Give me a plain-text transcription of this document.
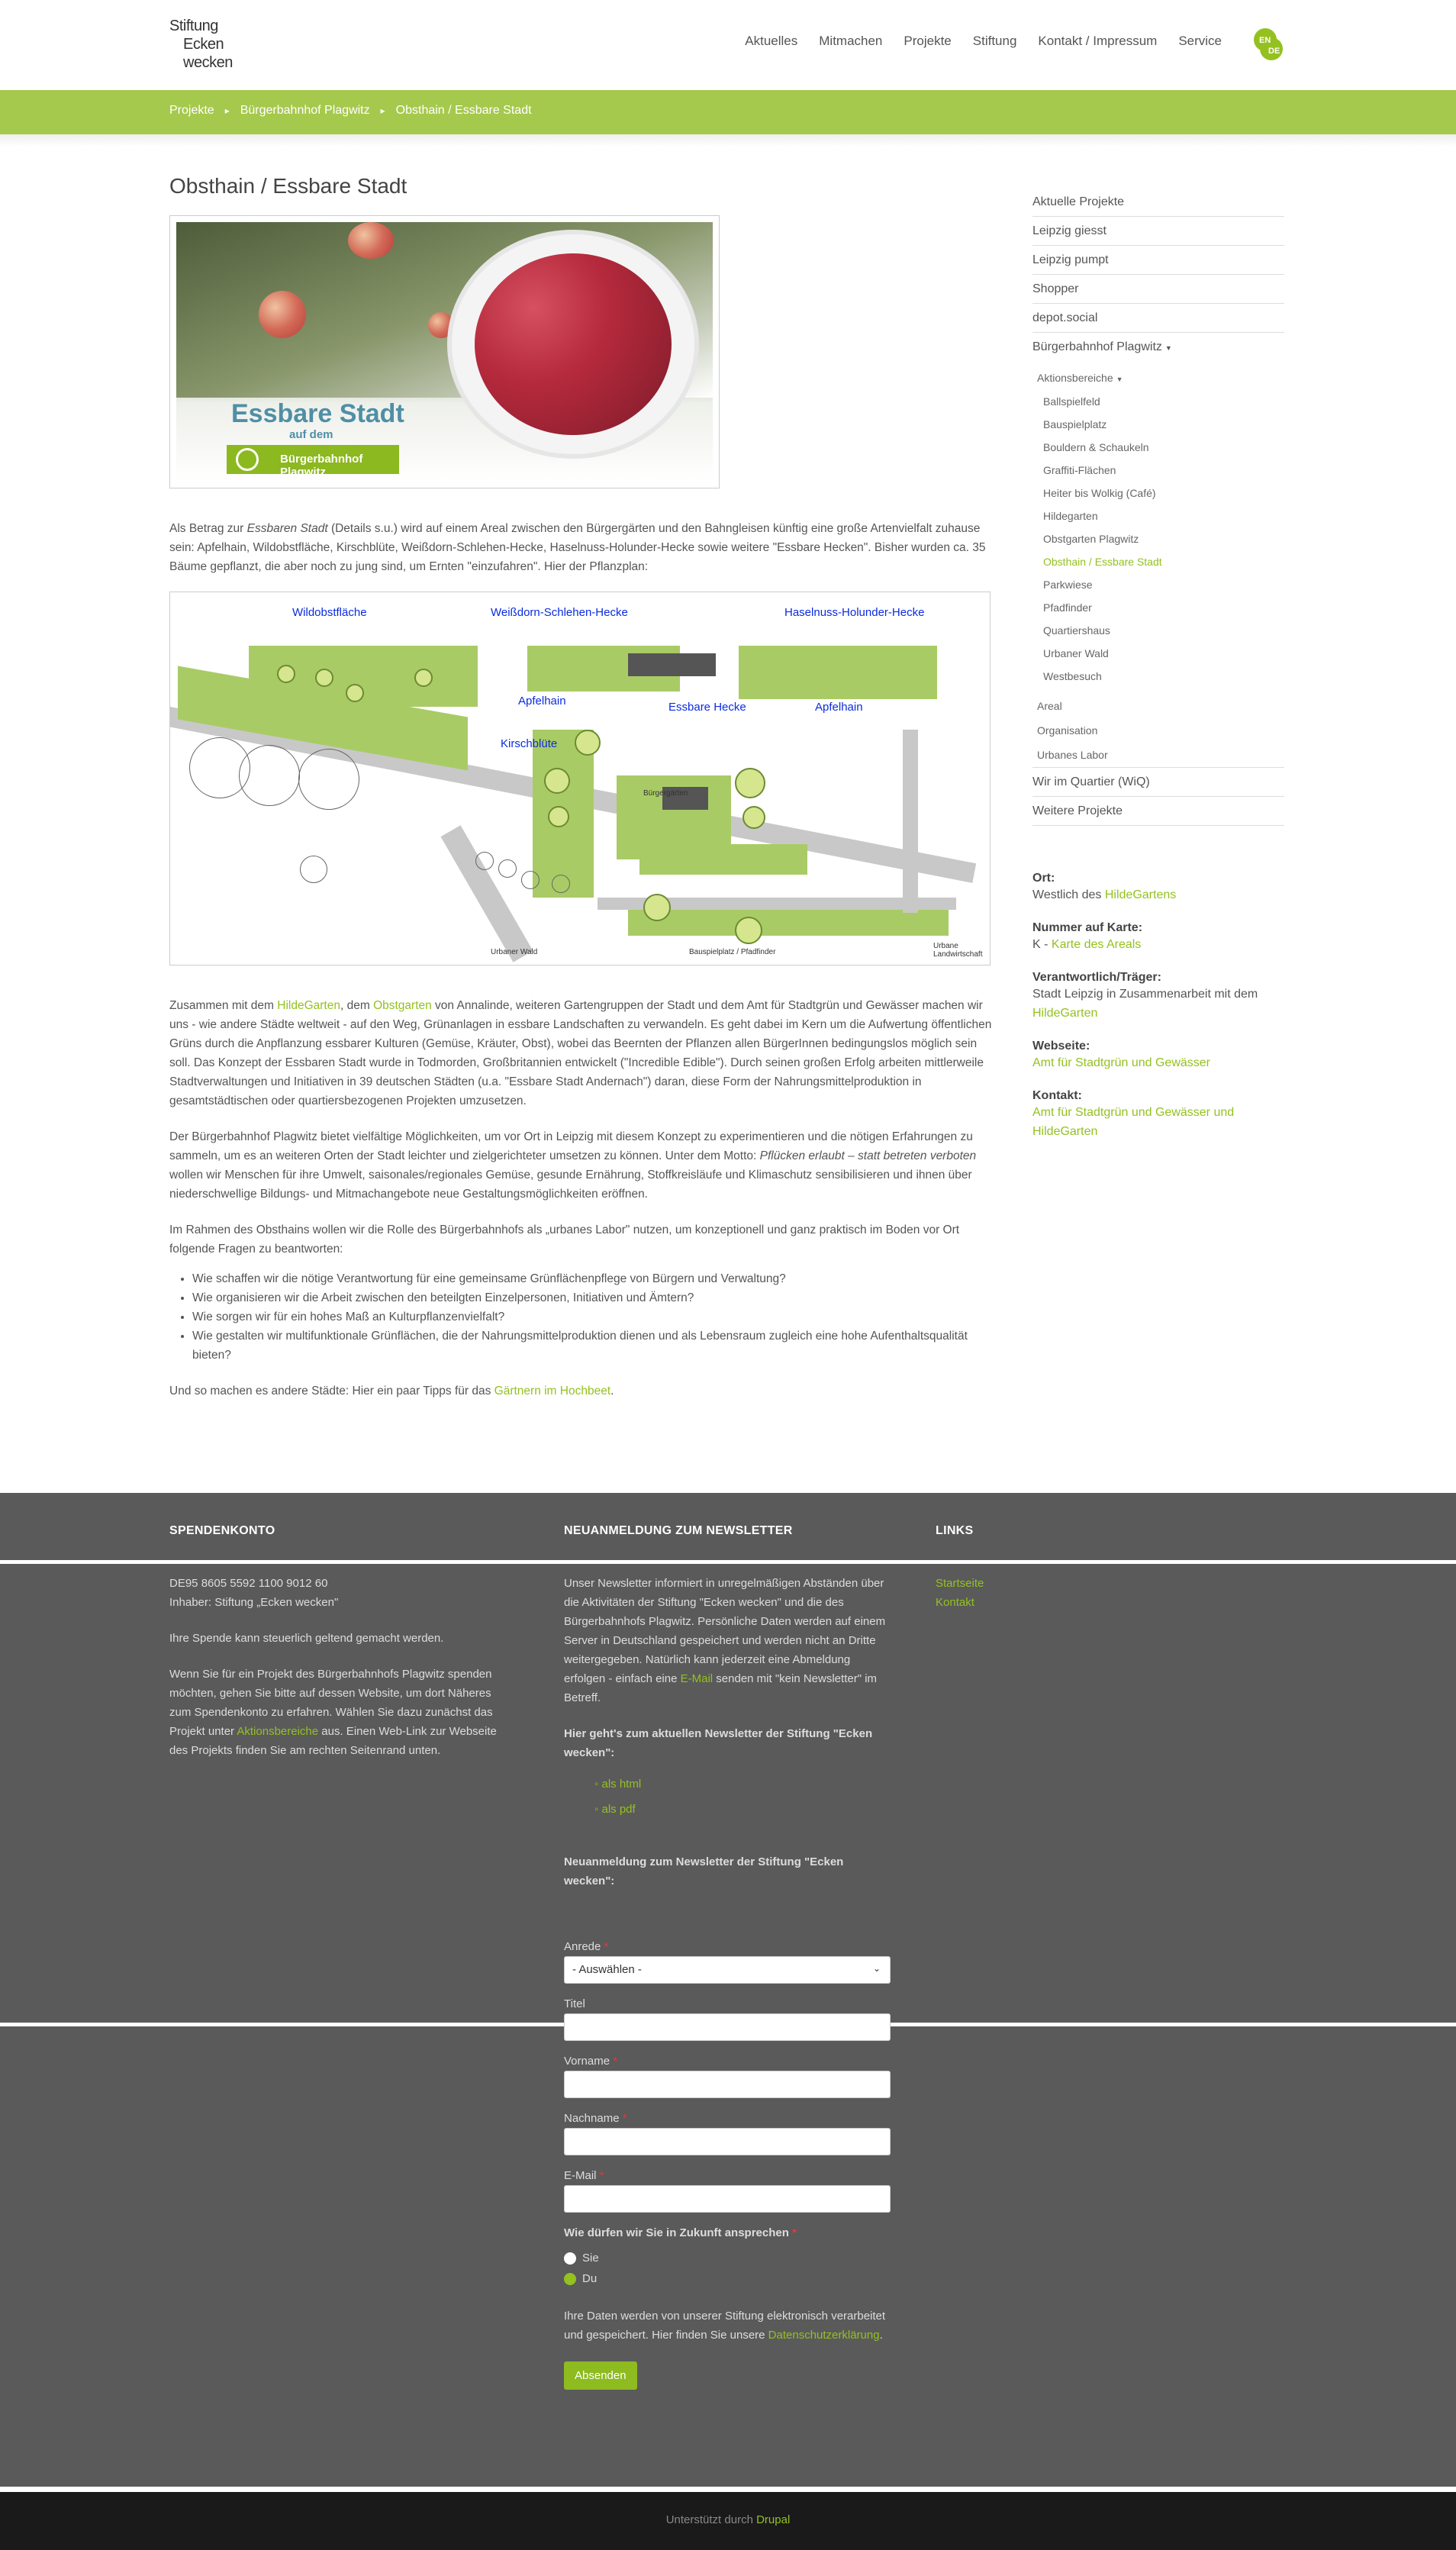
Stiftung
Ecken
wecken
Aktuelles Mitmachen Projekte Stiftung Kontakt / Impressum Service	EN
DE
Projekte ▸ Bürgerbahnhof Plagwitz ▸ Obsthain / Essbare Stadt
Obsthain / Essbare Stadt
Essbare Stadt
auf dem
Bürgerbahnhof Plagwitz

Als Betrag zur Essbaren Stadt (Details s.u.) wird auf einem Areal zwischen den Bürgergärten und den Bahngleisen künftig eine große Artenvielfalt zuhause sein: Apfelhain, Wildobstfläche, Kirschblüte, Weißdorn-Schlehen-Hecke, Haselnuss-Holunder-Hecke sowie weitere "Essbare Hecken". Bisher wurden ca. 35 Bäume gepflanzt, die aber noch zu jung sind, um Ernten "einzufahren". Hier der Pflanzplan:

Wildobstfläche	Weißdorn-Schlehen-Hecke	Haselnuss-Holunder-Hecke
Apfelhain	Essbare Hecke	Apfelhain
Kirschblüte
Bürgergärten
Urbaner Wald	Bauspielplatz / Pfadfinder
Urbane Landwirtschaft

Zusammen mit dem HildeGarten, dem Obstgarten von Annalinde, weiteren Gartengruppen der Stadt und dem Amt für Stadtgrün und Gewässer machen wir uns - wie andere Städte weltweit - auf den Weg, Grünanlagen in essbare Landschaften zu verwandeln. Es geht dabei im Kern um die Aufwertung öffentlichen Grüns durch die Anpflanzung essbarer Kulturen (Gemüse, Kräuter, Obst), wobei das Beernten der Pflanzen allen BürgerInnen bedingungslos möglich sein soll. Das Konzept der Essbaren Stadt wurde in Todmorden, Großbritannien entwickelt ("Incredible Edible"). Durch seinen großen Erfolg arbeiten mittlerweile Stadtverwaltungen und Initiativen in 39 deutschen Städten (u.a. "Essbare Stadt Andernach") daran, diese Form der Nahrungsmittelproduktion in gesamtstädtischen oder quartiersbezogenen Projekten umzusetzen.

Der Bürgerbahnhof Plagwitz bietet vielfältige Möglichkeiten, um vor Ort in Leipzig mit diesem Konzept zu experimentieren und die nötigen Erfahrungen zu sammeln, um es an weiteren Orten der Stadt leichter und zielgerichteter umsetzen zu können. Unter dem Motto: Pflücken erlaubt – statt betreten verboten wollen wir Menschen für ihre Umwelt, saisonales/regionales Gemüse, gesunde Ernährung, Stoffkreisläufe und Klimaschutz sensibilisieren und ihnen über niederschwellige Bildungs- und Mitmachangebote neue Gestaltungsmöglichkeiten eröffnen.

Im Rahmen des Obsthains wollen wir die Rolle des Bürgerbahnhofs als „urbanes Labor" nutzen, um konzeptionell und ganz praktisch im Boden vor Ort folgende Fragen zu beantworten:

• Wie schaffen wir die nötige Verantwortung für eine gemeinsame Grünflächenpflege von Bürgern und Verwaltung?
• Wie organisieren wir die Arbeit zwischen den beteilgten Einzelpersonen, Initiativen und Ämtern?
• Wie sorgen wir für ein hohes Maß an Kulturpflanzenvielfalt?
• Wie gestalten wir multifunktionale Grünflächen, die der Nahrungsmittelproduktion dienen und als Lebensraum zugleich eine hohe Aufenthaltsqualität bieten?

Und so machen es andere Städte: Hier ein paar Tipps für das Gärtnern im Hochbeet.

Aktuelle Projekte
Leipzig giesst
Leipzig pumpt
Shopper
depot.social
Bürgerbahnhof Plagwitz ▼
Aktionsbereiche ▼
Ballspielfeld
Bauspielplatz
Bouldern & Schaukeln
Graffiti-Flächen
Heiter bis Wolkig (Café)
Hildegarten
Obstgarten Plagwitz
Obsthain / Essbare Stadt
Parkwiese
Pfadfinder
Quartiershaus
Urbaner Wald
Westbesuch
Areal
Organisation
Urbanes Labor
Wir im Quartier (WiQ)
Weitere Projekte
Ort:
Westlich des HildeGartens
Nummer auf Karte:
K - Karte des Areals
Verantwortlich/Träger:
Stadt Leipzig in Zusammenarbeit mit dem
HildeGarten
Webseite:
Amt für Stadtgrün und Gewässer
Kontakt:
Amt für Stadtgrün und Gewässer und HildeGarten
SPENDENKONTO	NEUANMELDUNG ZUM NEWSLETTER	LINKS

DE95 8605 5592 1100 9012 60
Inhaber: Stiftung „Ecken wecken"

Ihre Spende kann steuerlich geltend gemacht werden.

Wenn Sie für ein Projekt des Bürgerbahnhofs Plagwitz spenden möchten, gehen Sie bitte auf dessen Website, um dort Näheres zum Spendenkonto zu erfahren. Wählen Sie dazu zunächst das Projekt unter Aktionsbereiche aus. Einen Web-Link zur Webseite des Projekts finden Sie am rechten Seitenrand unten.

Unser Newsletter informiert in unregelmäßigen Abständen über die Aktivitäten der Stiftung "Ecken wecken" und die des Bürgerbahnhofs Plagwitz. Persönliche Daten werden auf einem Server in Deutschland gespeichert und werden nicht an Dritte weitergegeben. Natürlich kann jederzeit eine Abmeldung erfolgen - einfach eine E-Mail senden mit "kein Newsletter" im Betreff.

Hier geht's zum aktuellen Newsletter der Stiftung "Ecken wecken":

◦ als html
◦ als pdf

Neuanmeldung zum Newsletter der Stiftung "Ecken wecken":

Startseite
Kontakt
Anrede *
- Auswählen -	⌄
Titel
Vorname *
Nachname *
E-Mail *
Wie dürfen wir Sie in Zukunft ansprechen *
Sie
Du

Ihre Daten werden von unserer Stiftung elektronisch verarbeitet und gespeichert. Hier finden Sie unsere Datenschutzerklärung.

Absenden
Unterstützt durch Drupal
